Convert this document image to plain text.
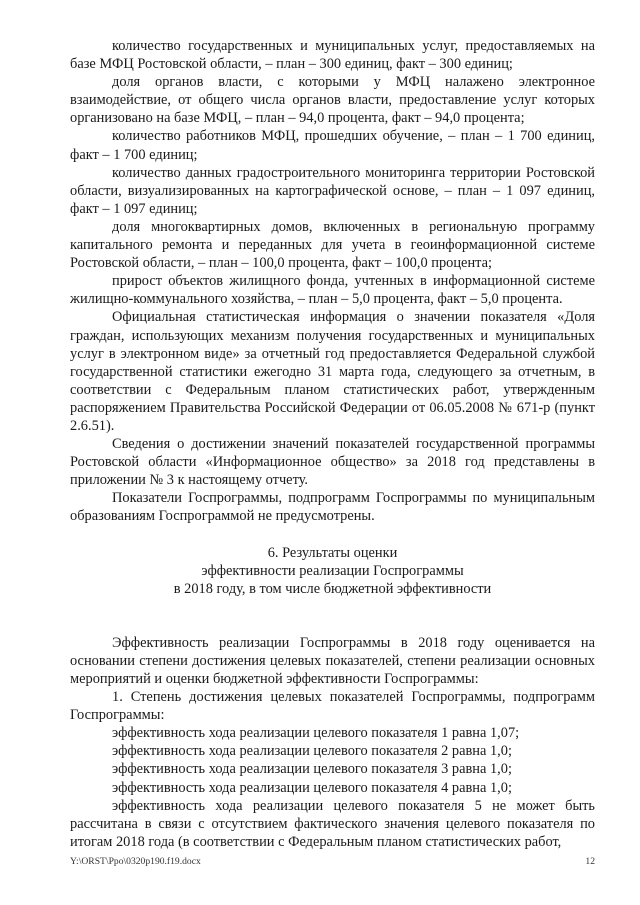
количество государственных и муниципальных услуг, предоставляемых на базе МФЦ Ростовской области, – план – 300 единиц, факт – 300 единиц;

доля органов власти, с которыми у МФЦ налажено электронное взаимодействие, от общего числа органов власти, предоставление услуг которых организовано на базе МФЦ, – план – 94,0 процента, факт – 94,0 процента;

количество работников МФЦ, прошедших обучение, – план – 1 700 единиц, факт – 1 700 единиц;

количество данных градостроительного мониторинга территории Ростовской области, визуализированных на картографической основе, – план – 1 097 единиц, факт – 1 097 единиц;

доля многоквартирных домов, включенных в региональную программу капитального ремонта и переданных для учета в геоинформационной системе Ростовской области, – план – 100,0 процента, факт – 100,0 процента;

прирост объектов жилищного фонда, учтенных в информационной системе жилищно-коммунального хозяйства, – план – 5,0 процента, факт – 5,0 процента.

Официальная статистическая информация о значении показателя «Доля граждан, использующих механизм получения государственных и муниципальных услуг в электронном виде» за отчетный год предоставляется Федеральной службой государственной статистики ежегодно 31 марта года, следующего за отчетным, в соответствии с Федеральным планом статистических работ, утвержденным распоряжением Правительства Российской Федерации от 06.05.2008 № 671-р (пункт 2.6.51).

Сведения о достижении значений показателей государственной программы Ростовской области «Информационное общество» за 2018 год представлены в приложении № 3 к настоящему отчету.

Показатели Госпрограммы, подпрограмм Госпрограммы по муниципальным образованиям Госпрограммой не предусмотрены.

6. Результаты оценки

эффективности реализации Госпрограммы

в 2018 году, в том числе бюджетной эффективности

Эффективность реализации Госпрограммы в 2018 году оценивается на основании степени достижения целевых показателей, степени реализации основных мероприятий и оценки бюджетной эффективности Госпрограммы:

1. Степень достижения целевых показателей Госпрограммы, подпрограмм Госпрограммы:

эффективность хода реализации целевого показателя 1 равна 1,07;

эффективность хода реализации целевого показателя 2 равна 1,0;

эффективность хода реализации целевого показателя 3 равна 1,0;

эффективность хода реализации целевого показателя 4 равна 1,0;

эффективность хода реализации целевого показателя 5 не может быть рассчитана в связи с отсутствием фактического значения целевого показателя по итогам 2018 года (в соответствии с Федеральным планом статистических работ,

Y:\ORST\Ppo\0320p190.f19.docx	12
